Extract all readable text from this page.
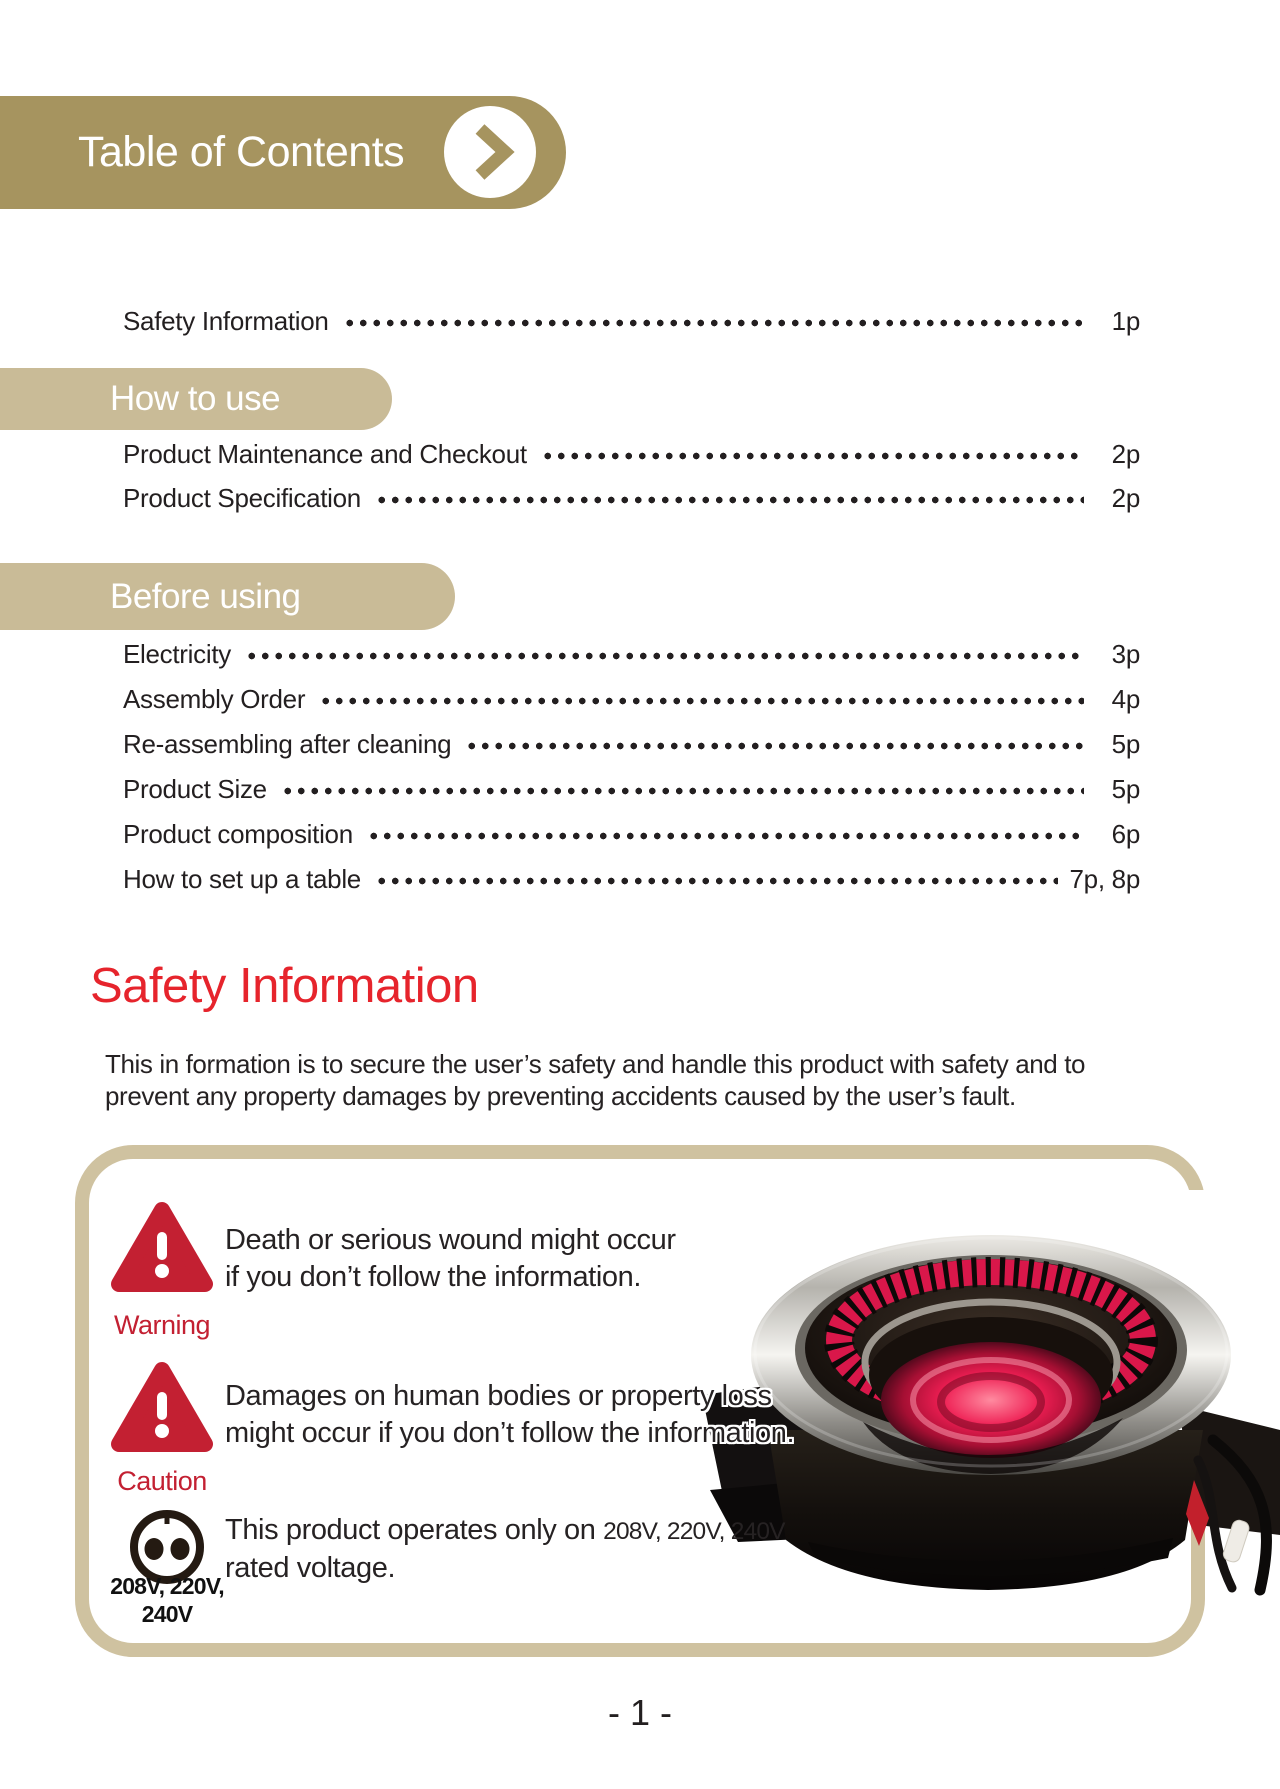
Table of Contents
Safety Information	1p
How to use
Product Maintenance and Checkout	2p
Product Specification	2p
Before using
Electricity	3p
Assembly Order	4p
Re-assembling after cleaning	5p
Product Size	5p
Product composition	6p
How to set up a table	7p, 8p
Safety Information
This in formation is to secure the user’s safety and handle this product with safety and to
prevent any property damages by preventing accidents caused by the user’s fault.
Warning
Death or serious wound might occur
if you don’t follow the information.
Caution
Damages on human bodies or property loss
might occur if you don’t follow the information.
208V, 220V,
240V
This product operates only on 208V, 220V, 240V
rated voltage.
- 1 -
